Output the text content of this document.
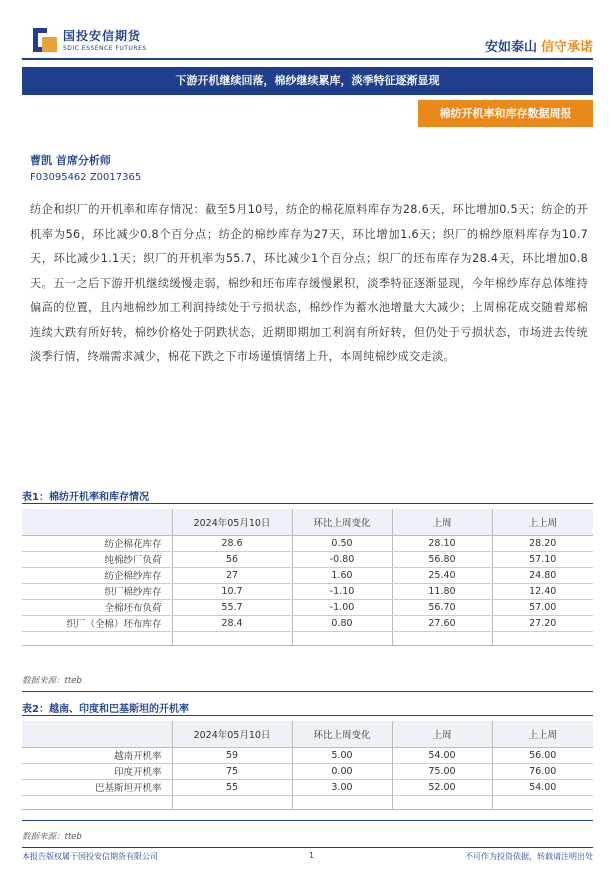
国投安信期货
SDIC ESSENCE FUTURES	安如泰山 信守承诺
下游开机继续回落，棉纱继续累库，淡季特征逐渐显现
棉纺开机率和库存数据周报
曹凯 首席分析师
F03095462 Z0017365
纺企和织厂的开机率和库存情况：截至5月10号，纺企的棉花原料库存为28.6天，环比增加0.5天；纺企的开机率为56，环比减少0.8个百分点；纺企的棉纱库存为27天，环比增加1.6天；织厂的棉纱原料库存为10.7天，环比减少1.1天；织厂的开机率为55.7，环比减少1个百分点；织厂的坯布库存为28.4天，环比增加0.8天。五一之后下游开机继续缓慢走弱，棉纱和坯布库存缓慢累积，淡季特征逐渐显现，今年棉纱库存总体维持偏高的位置，且内地棉纱加工利润持续处于亏损状态，棉纱作为蓄水池增量大大减少；上周棉花成交随着郑棉连续大跌有所好转，棉纱价格处于阴跌状态，近期即期加工利润有所好转，但仍处于亏损状态，市场进去传统淡季行情，终端需求减少，棉花下跌之下市场谨慎情绪上升，本周纯棉纱成交走淡。
表1：棉纺开机率和库存情况
	2024年05月10日	环比上周变化	上周	上上周
纺企棉花库存	28.6	0.50	28.10	28.20
纯棉纱厂负荷	56	-0.80	56.80	57.10
纺企棉纱库存	27	1.60	25.40	24.80
织厂棉纱库存	10.7	-1.10	11.80	12.40
全棉坯布负荷	55.7	-1.00	56.70	57.00
织厂（全棉）坯布库存	28.4	0.80	27.60	27.20

数据来源：tteb
表2：越南、印度和巴基斯坦的开机率
	2024年05月10日	环比上周变化	上周	上上周
越南开机率	59	5.00	54.00	56.00
印度开机率	75	0.00	75.00	76.00
巴基斯坦开机率	55	3.00	52.00	54.00

数据来源：tteb
本报告版权属于国投安信期货有限公司	1	不可作为投资依据，转载请注明出处
